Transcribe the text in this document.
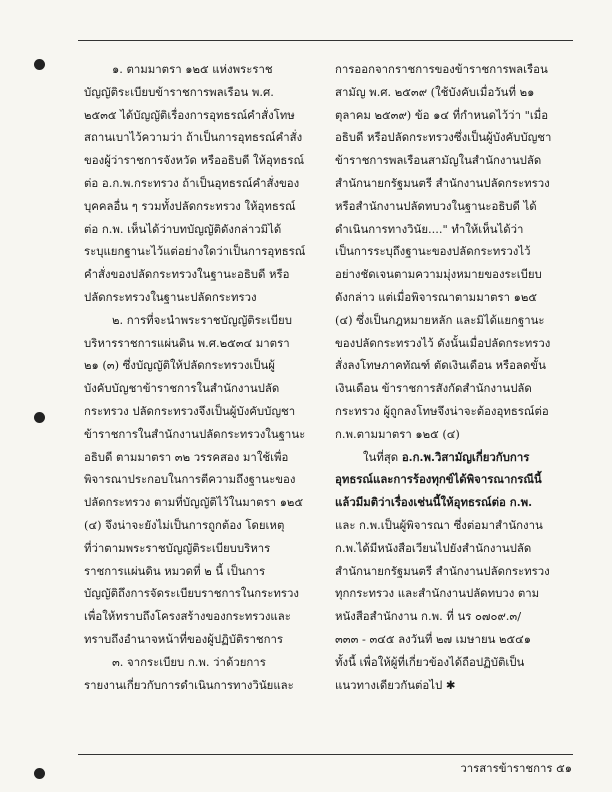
๑. ตามมาตรา ๑๒๕ แห่งพระราช
บัญญัติระเบียบข้าราชการพลเรือน พ.ศ.
๒๕๓๕ ได้บัญญัติเรื่องการอุทธรณ์คำสั่งโทษ
สถานเบาไว้ความว่า ถ้าเป็นการอุทธรณ์คำสั่ง
ของผู้ว่าราชการจังหวัด หรืออธิบดี ให้อุทธรณ์
ต่อ อ.ก.พ.กระทรวง ถ้าเป็นอุทธรณ์คำสั่งของ
บุคคลอื่น ๆ รวมทั้งปลัดกระทรวง ให้อุทธรณ์
ต่อ ก.พ. เห็นได้ว่าบทบัญญัติดังกล่าวมิได้
ระบุแยกฐานะไว้แต่อย่างใดว่าเป็นการอุทธรณ์
คำสั่งของปลัดกระทรวงในฐานะอธิบดี หรือ
ปลัดกระทรวงในฐานะปลัดกระทรวง
๒. การที่จะนำพระราชบัญญัติระเบียบ
บริหารราชการแผ่นดิน พ.ศ.๒๕๓๔ มาตรา
๒๑ (๓) ซึ่งบัญญัติให้ปลัดกระทรวงเป็นผู้
บังคับบัญชาข้าราชการในสำนักงานปลัด
กระทรวง ปลัดกระทรวงจึงเป็นผู้บังคับบัญชา
ข้าราชการในสำนักงานปลัดกระทรวงในฐานะ
อธิบดี ตามมาตรา ๓๒ วรรคสอง มาใช้เพื่อ
พิจารณาประกอบในการตีความถึงฐานะของ
ปลัดกระทรวง ตามที่บัญญัติไว้ในมาตรา ๑๒๕
(๔) จึงน่าจะยังไม่เป็นการถูกต้อง โดยเหตุ
ที่ว่าตามพระราชบัญญัติระเบียบบริหาร
ราชการแผ่นดิน หมวดที่ ๒ นี้ เป็นการ
บัญญัติถึงการจัดระเบียบราชการในกระทรวง
เพื่อให้ทราบถึงโครงสร้างของกระทรวงและ
ทราบถึงอำนาจหน้าที่ของผู้ปฏิบัติราชการ
๓. จากระเบียบ ก.พ. ว่าด้วยการ
รายงานเกี่ยวกับการดำเนินการทางวินัยและ
การออกจากราชการของข้าราชการพลเรือน
สามัญ พ.ศ. ๒๕๓๙ (ใช้บังคับเมื่อวันที่ ๒๑
ตุลาคม ๒๕๓๙) ข้อ ๑๔ ที่กำหนดไว้ว่า "เมื่อ
อธิบดี หรือปลัดกระทรวงซึ่งเป็นผู้บังคับบัญชา
ข้าราชการพลเรือนสามัญในสำนักงานปลัด
สำนักนายกรัฐมนตรี สำนักงานปลัดกระทรวง
หรือสำนักงานปลัดทบวงในฐานะอธิบดี ได้
ดำเนินการทางวินัย...." ทำให้เห็นได้ว่า
เป็นการระบุถึงฐานะของปลัดกระทรวงไว้
อย่างชัดเจนตามความมุ่งหมายของระเบียบ
ดังกล่าว แต่เมื่อพิจารณาตามมาตรา ๑๒๕
(๔) ซึ่งเป็นกฎหมายหลัก และมิได้แยกฐานะ
ของปลัดกระทรวงไว้ ดังนั้นเมื่อปลัดกระทรวง
สั่งลงโทษภาคทัณฑ์ ตัดเงินเดือน หรือลดขั้น
เงินเดือน ข้าราชการสังกัดสำนักงานปลัด
กระทรวง ผู้ถูกลงโทษจึงน่าจะต้องอุทธรณ์ต่อ
ก.พ.ตามมาตรา ๑๒๕ (๔)
ในที่สุด อ.ก.พ.วิสามัญเกี่ยวกับการ
อุทธรณ์และการร้องทุกข์ได้พิจารณากรณีนี้
แล้วมีมติว่าเรื่องเช่นนี้ให้อุทธรณ์ต่อ ก.พ.
และ ก.พ.เป็นผู้พิจารณา ซึ่งต่อมาสำนักงาน
ก.พ.ได้มีหนังสือเวียนไปยังสำนักงานปลัด
สำนักนายกรัฐมนตรี สำนักงานปลัดกระทรวง
ทุกกระทรวง และสำนักงานปลัดทบวง ตาม
หนังสือสำนักงาน ก.พ. ที่ นร ๐๗๐๙.๓/
๓๓๓ - ๓๔๕ ลงวันที่ ๒๗ เมษายน ๒๕๔๑
ทั้งนี้ เพื่อให้ผู้ที่เกี่ยวข้องได้ถือปฏิบัติเป็น
แนวทางเดียวกันต่อไป ✱
วารสารข้าราชการ ๕๑
